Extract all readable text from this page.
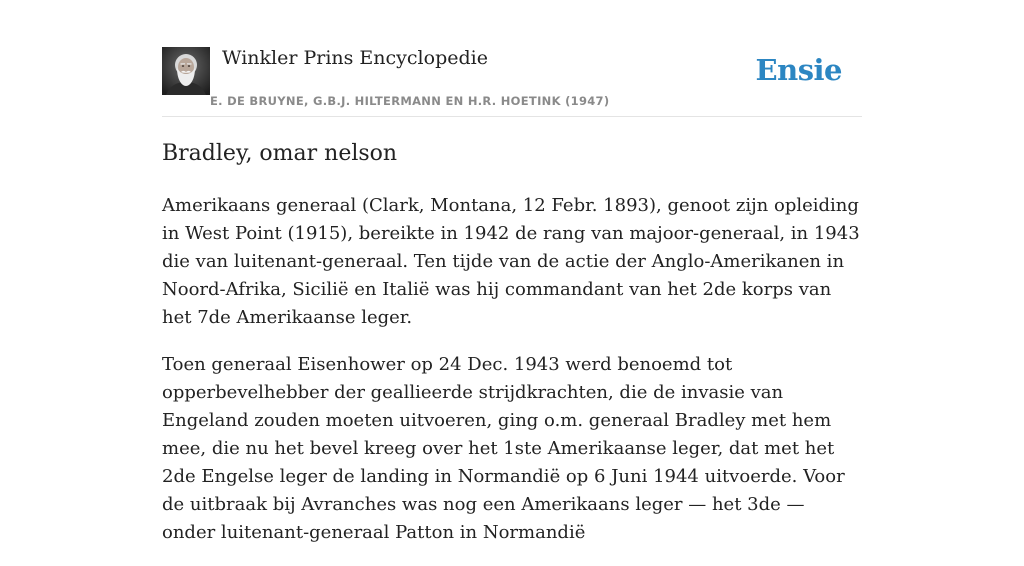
Winkler Prins Encyclopedie
E. DE BRUYNE, G.B.J. HILTERMANN EN H.R. HOETINK (1947)
Ensie
Bradley, omar nelson

Amerikaans generaal (Clark, Montana, 12 Febr. 1893), genoot zijn opleiding in West Point (1915), bereikte in 1942 de rang van majoor-generaal, in 1943 die van luitenant-generaal. Ten tijde van de actie der Anglo-Amerikanen in Noord-Afrika, Sicilië en Italië was hij commandant van het 2de korps van het 7de Amerikaanse leger.

Toen generaal Eisenhower op 24 Dec. 1943 werd benoemd tot opperbevelhebber der geallieerde strijdkrachten, die de invasie van Engeland zouden moeten uitvoeren, ging o.m. generaal Bradley met hem mee, die nu het bevel kreeg over het 1ste Amerikaanse leger, dat met het 2de Engelse leger de landing in Normandië op 6 Juni 1944 uitvoerde. Voor de uitbraak bij Avranches was nog een Amerikaans leger — het 3de — onder luitenant-generaal Patton in Normandië
